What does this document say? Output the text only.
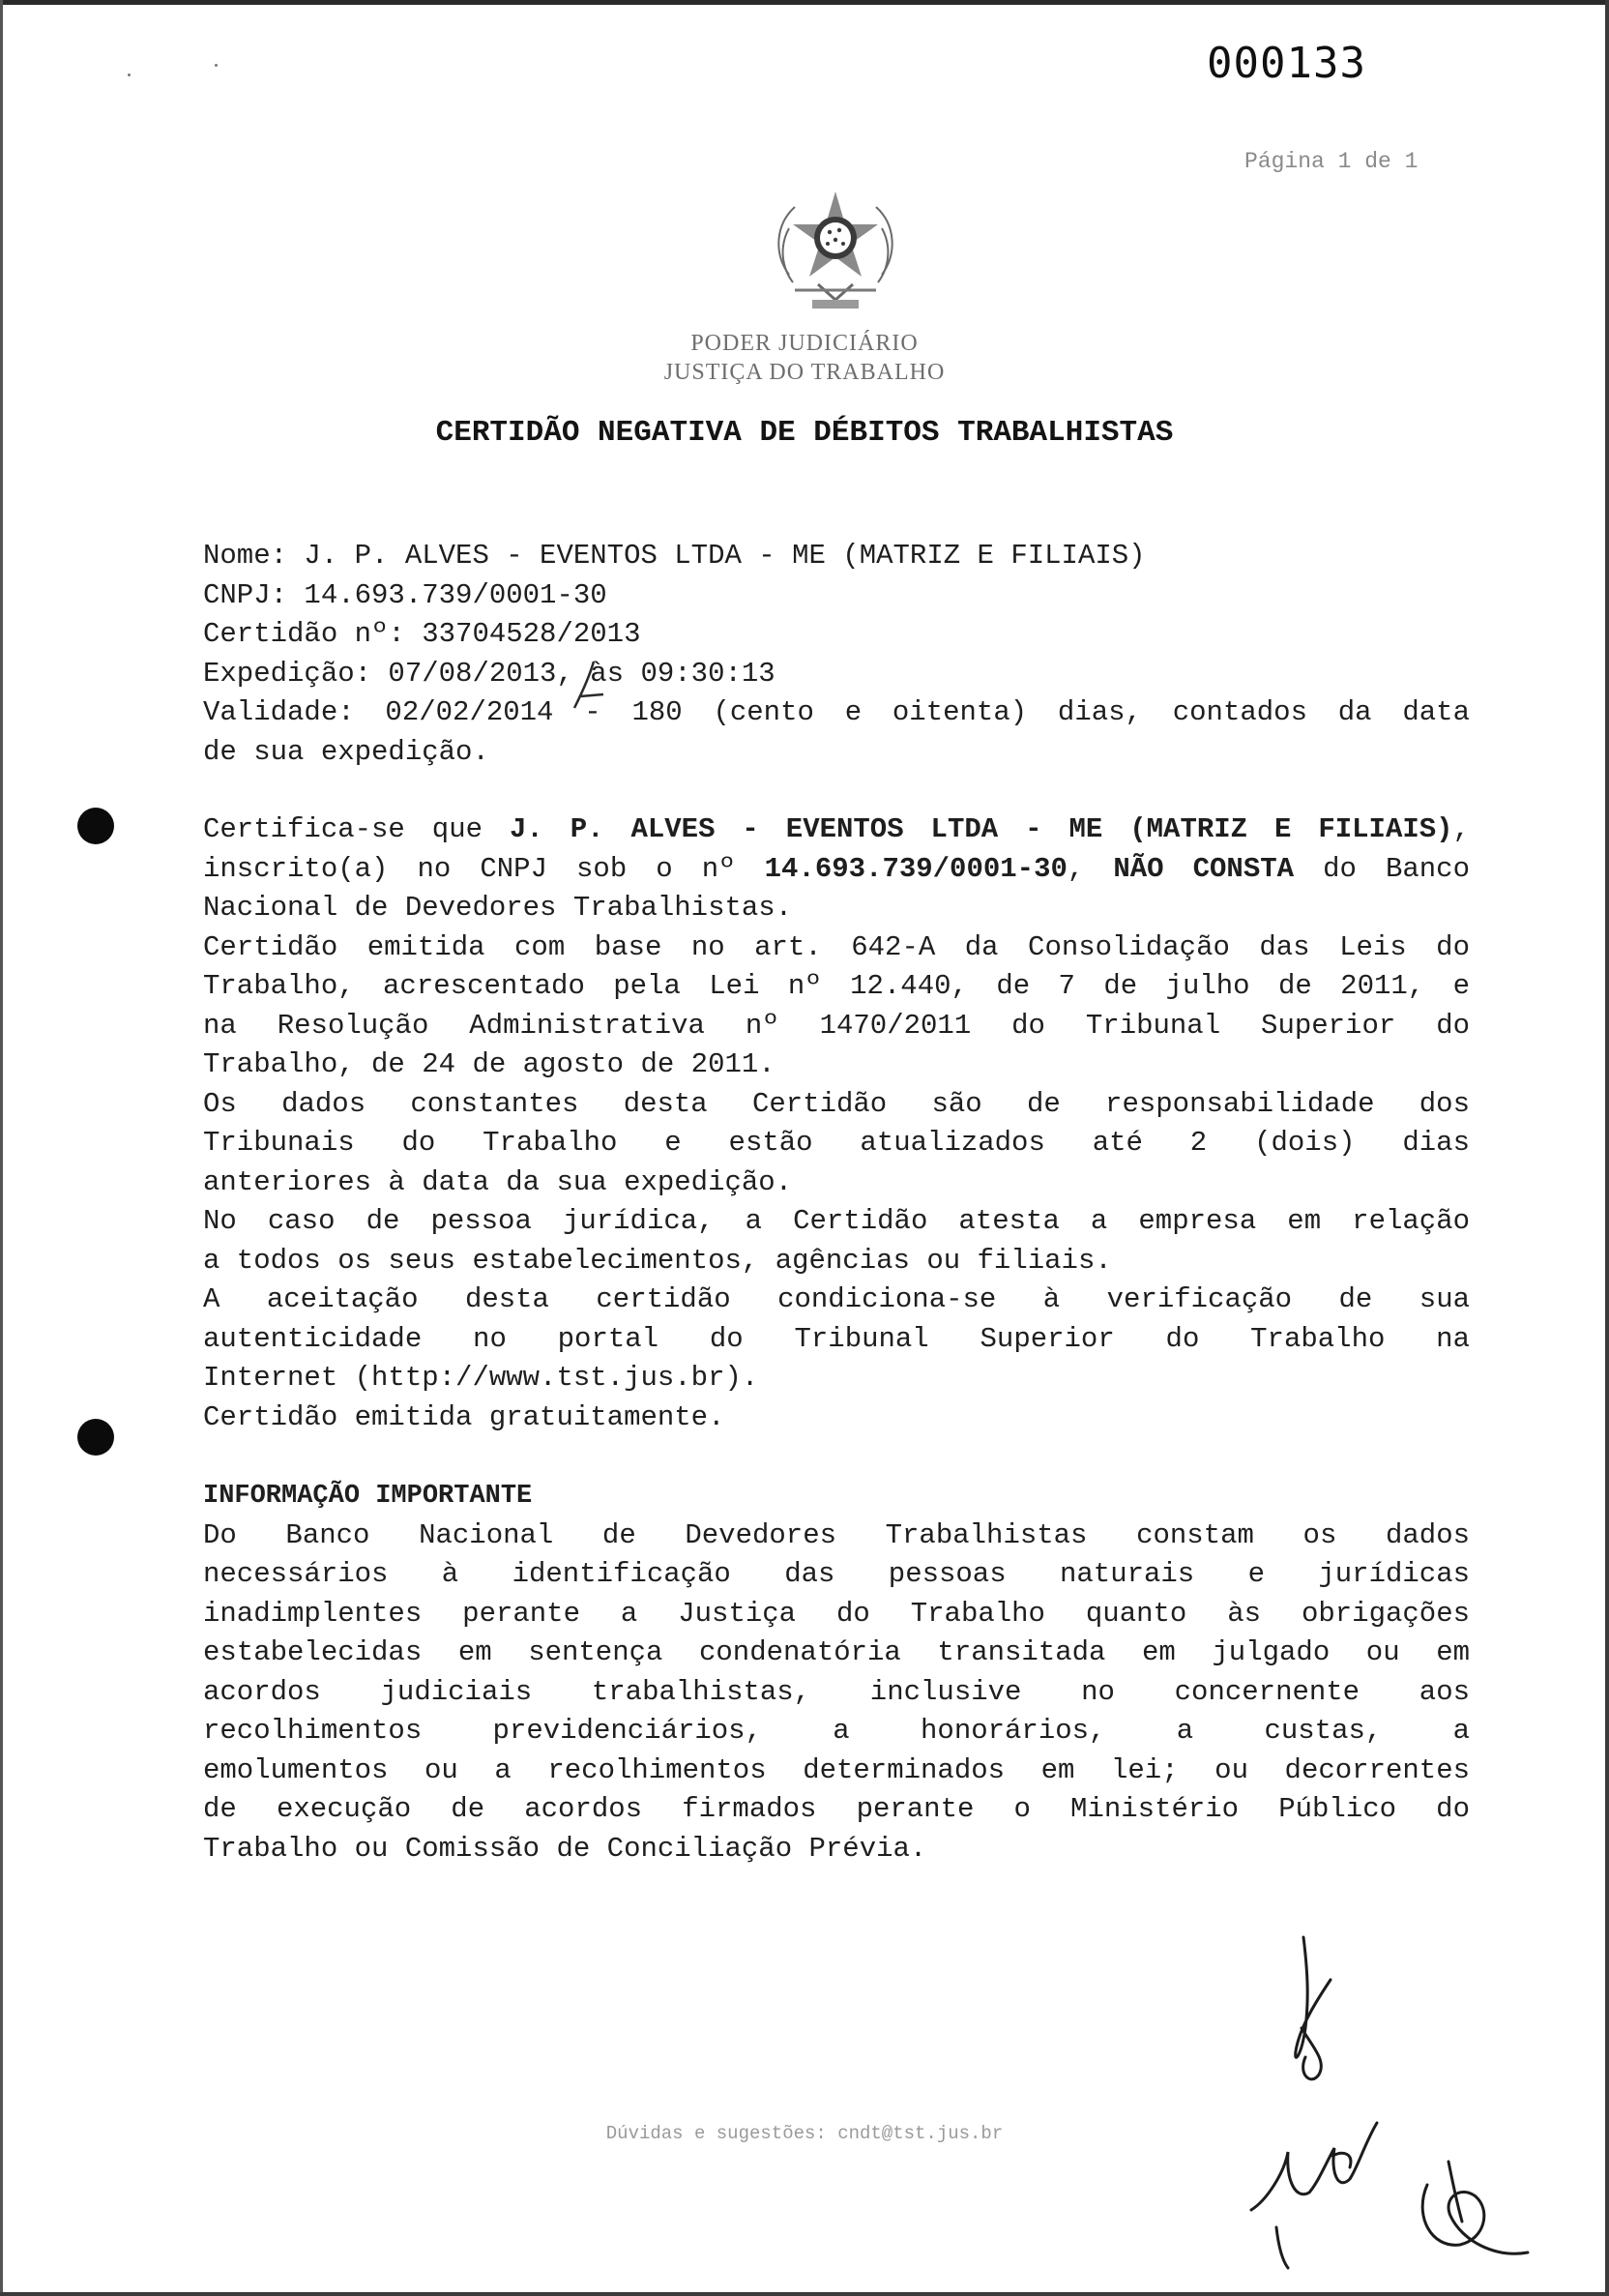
000133
Página 1 de 1
PODER JUDICIÁRIO
JUSTIÇA DO TRABALHO
CERTIDÃO NEGATIVA DE DÉBITOS TRABALHISTAS
Nome: J. P. ALVES - EVENTOS LTDA - ME (MATRIZ E FILIAIS)
CNPJ: 14.693.739/0001-30
Certidão nº: 33704528/2013
Expedição: 07/08/2013, às 09:30:13
Validade: 02/02/2014 - 180 (cento e oitenta) dias, contados da data
de sua expedição.
Certifica-se que J. P. ALVES - EVENTOS LTDA - ME (MATRIZ E FILIAIS),
inscrito(a) no CNPJ sob o nº 14.693.739/0001-30, NÃO CONSTA do Banco
Nacional de Devedores Trabalhistas.
Certidão emitida com base no art. 642-A da Consolidação das Leis do
Trabalho, acrescentado pela Lei nº 12.440, de 7 de julho de 2011, e
na Resolução Administrativa nº 1470/2011 do Tribunal Superior do
Trabalho, de 24 de agosto de 2011.
Os dados constantes desta Certidão são de responsabilidade dos
Tribunais do Trabalho e estão atualizados até 2 (dois) dias
anteriores à data da sua expedição.
No caso de pessoa jurídica, a Certidão atesta a empresa em relação
a todos os seus estabelecimentos, agências ou filiais.
A aceitação desta certidão condiciona-se à verificação de sua
autenticidade no portal do Tribunal Superior do Trabalho na
Internet (http://www.tst.jus.br).
Certidão emitida gratuitamente.
INFORMAÇÃO IMPORTANTE
Do Banco Nacional de Devedores Trabalhistas constam os dados
necessários à identificação das pessoas naturais e jurídicas
inadimplentes perante a Justiça do Trabalho quanto às obrigações
estabelecidas em sentença condenatória transitada em julgado ou em
acordos judiciais trabalhistas, inclusive no concernente aos
recolhimentos previdenciários, a honorários, a custas, a
emolumentos ou a recolhimentos determinados em lei; ou decorrentes
de execução de acordos firmados perante o Ministério Público do
Trabalho ou Comissão de Conciliação Prévia.
Dúvidas e sugestões: cndt@tst.jus.br
